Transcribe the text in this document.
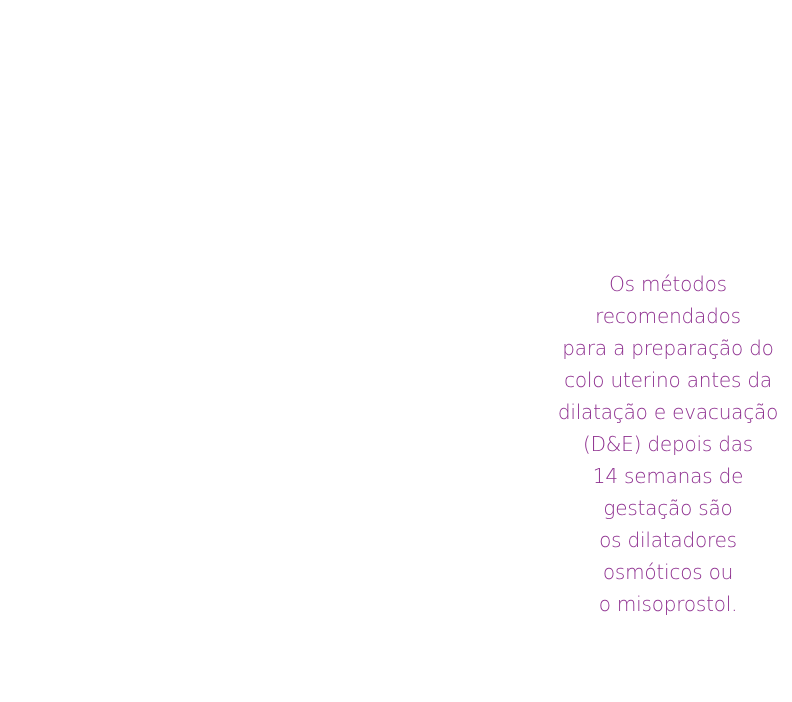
Os métodos
recomendados
para a preparação do
colo uterino antes da
dilatação e evacuação
(D&E) depois das
14 semanas de
gestação são
os dilatadores
osmóticos ou
o misoprostol.
